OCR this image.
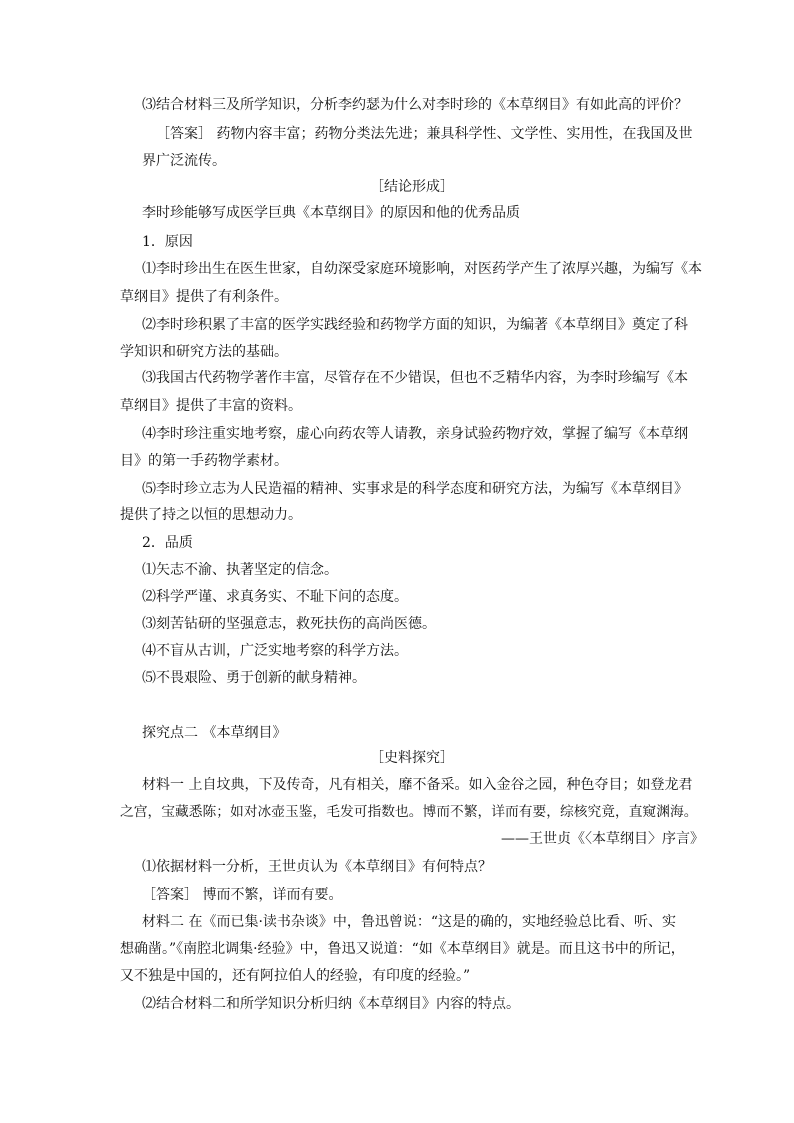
⑶结合材料三及所学知识，分析李约瑟为什么对李时珍的《本草纲目》有如此高的评价？
［答案］ 药物内容丰富；药物分类法先进；兼具科学性、文学性、实用性，在我国及世
界广泛流传。
［结论形成］
李时珍能够写成医学巨典《本草纲目》的原因和他的优秀品质
1．原因
⑴李时珍出生在医生世家，自幼深受家庭环境影响，对医药学产生了浓厚兴趣，为编写《本
草纲目》提供了有利条件。
⑵李时珍积累了丰富的医学实践经验和药物学方面的知识，为编著《本草纲目》奠定了科
学知识和研究方法的基础。
⑶我国古代药物学著作丰富，尽管存在不少错误，但也不乏精华内容，为李时珍编写《本
草纲目》提供了丰富的资料。
⑷李时珍注重实地考察，虚心向药农等人请教，亲身试验药物疗效，掌握了编写《本草纲
目》的第一手药物学素材。
⑸李时珍立志为人民造福的精神、实事求是的科学态度和研究方法，为编写《本草纲目》
提供了持之以恒的思想动力。
2．品质
⑴矢志不渝、执著坚定的信念。
⑵科学严谨、求真务实、不耻下问的态度。
⑶刻苦钻研的坚强意志，救死扶伤的高尚医德。
⑷不盲从古训，广泛实地考察的科学方法。
⑸不畏艰险、勇于创新的献身精神。
探究点二 《本草纲目》
［史料探究］
材料一 上自坟典，下及传奇，凡有相关，靡不备采。如入金谷之园，种色夺目；如登龙君
之宫，宝藏悉陈；如对冰壶玉鉴，毛发可指数也。博而不繁，详而有要，综核究竟，直窥渊海。
——王世贞《〈本草纲目〉序言》
⑴依据材料一分析，王世贞认为《本草纲目》有何特点？
［答案］ 博而不繁，详而有要。
材料二 在《而已集·读书杂谈》中，鲁迅曾说：“这是的确的，实地经验总比看、听、实
想确凿。”《南腔北调集·经验》中，鲁迅又说道：“如《本草纲目》就是。而且这书中的所记，
又不独是中国的，还有阿拉伯人的经验，有印度的经验。”
⑵结合材料二和所学知识分析归纳《本草纲目》内容的特点。
